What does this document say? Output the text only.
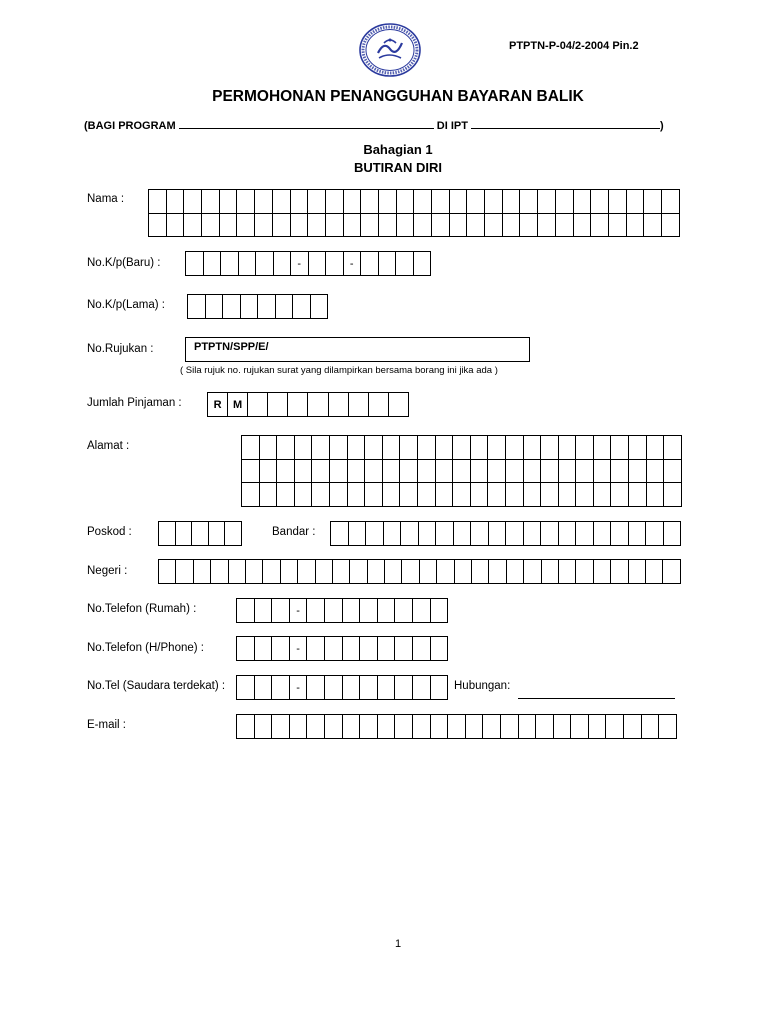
PTPTN-P-04/2-2004 Pin.2
PERMOHONAN PENANGGUHAN BAYARAN BALIK
(BAGI PROGRAM	DI IPT	)
Bahagian 1
BUTIRAN DIRI
Nama :
No.K/p(Baru) :	-	-
No.K/p(Lama) :
No.Rujukan :	PTPTN/SPP/E/
( Sila rujuk no. rujukan surat yang dilampirkan bersama borang ini jika ada )
Jumlah Pinjaman :	R	M
Alamat :
Poskod :	Bandar :
Negeri :
No.Telefon (Rumah) :	-
No.Telefon (H/Phone) :	-
No.Tel (Saudara terdekat) :	-	Hubungan:
E-mail :
1
